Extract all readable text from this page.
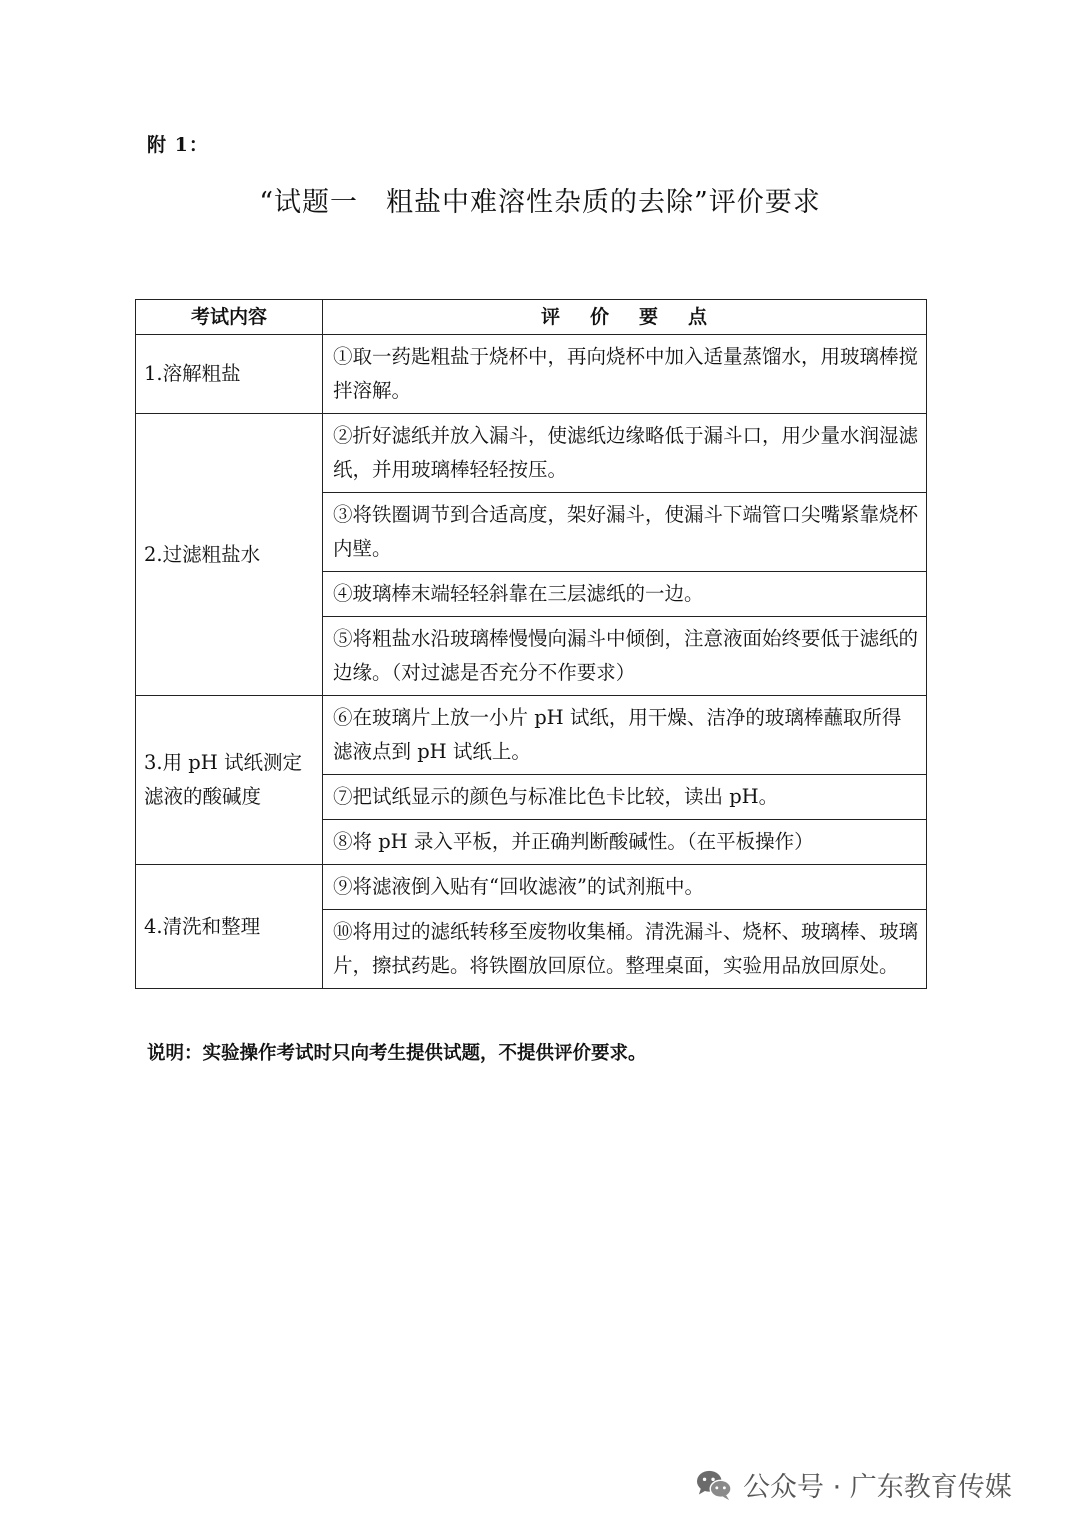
附 1：
“试题一　粗盐中难溶性杂质的去除”评价要求
考试内容	评价要点
1.溶解粗盐	①取一药匙粗盐于烧杯中，再向烧杯中加入适量蒸馏水，用玻璃棒搅拌溶解。
2.过滤粗盐水	②折好滤纸并放入漏斗，使滤纸边缘略低于漏斗口，用少量水润湿滤纸，并用玻璃棒轻轻按压。
	③将铁圈调节到合适高度，架好漏斗，使漏斗下端管口尖嘴紧靠烧杯内壁。
	④玻璃棒末端轻轻斜靠在三层滤纸的一边。
	⑤将粗盐水沿玻璃棒慢慢向漏斗中倾倒，注意液面始终要低于滤纸的边缘。（对过滤是否充分不作要求）
3.用 pH 试纸测定滤液的酸碱度	⑥在玻璃片上放一小片 pH 试纸，用干燥、洁净的玻璃棒蘸取所得滤液点到 pH 试纸上。
	⑦把试纸显示的颜色与标准比色卡比较，读出 pH。
	⑧将 pH 录入平板，并正确判断酸碱性。（在平板操作）
4.清洗和整理	⑨将滤液倒入贴有“回收滤液”的试剂瓶中。
	⑩将用过的滤纸转移至废物收集桶。清洗漏斗、烧杯、玻璃棒、玻璃片，擦拭药匙。将铁圈放回原位。整理桌面，实验用品放回原处。
说明：实验操作考试时只向考生提供试题，不提供评价要求。
公众号 · 广东教育传媒
